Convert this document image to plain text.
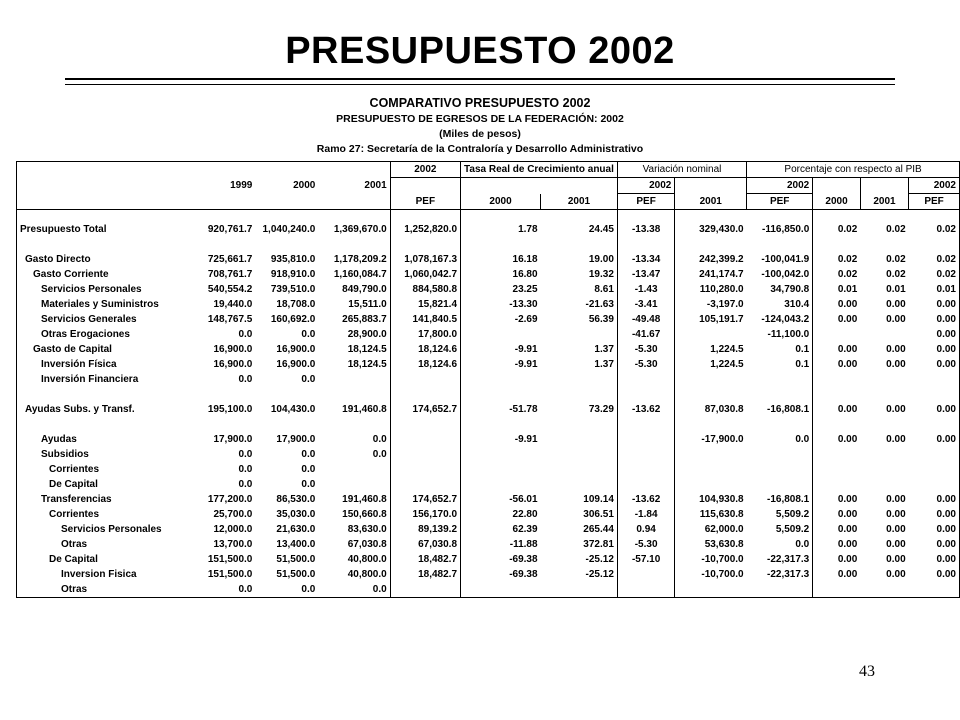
PRESUPUESTO 2002
COMPARATIVO PRESUPUESTO 2002
PRESUPUESTO DE EGRESOS DE LA FEDERACIÓN: 2002
(Miles de pesos)
Ramo 27: Secretaría de la Contraloría y Desarrollo Administrativo
				2002	Tasa Real de Crecimiento anual		Variación nominal		Porcentaje con respecto al PIB			
	1999	2000	2001				2002		2002			2002
				PEF	2000	2001	PEF	2001	PEF	2000	2001	PEF

Presupuesto Total	920,761.7	1,040,240.0	1,369,670.0	1,252,820.0	1.78	24.45	-13.38	329,430.0	-116,850.0	0.02	0.02	0.02

Gasto Directo	725,661.7	935,810.0	1,178,209.2	1,078,167.3	16.18	19.00	-13.34	242,399.2	-100,041.9	0.02	0.02	0.02
Gasto Corriente	708,761.7	918,910.0	1,160,084.7	1,060,042.7	16.80	19.32	-13.47	241,174.7	-100,042.0	0.02	0.02	0.02
Servicios Personales	540,554.2	739,510.0	849,790.0	884,580.8	23.25	8.61	-1.43	110,280.0	34,790.8	0.01	0.01	0.01
Materiales y Suministros	19,440.0	18,708.0	15,511.0	15,821.4	-13.30	-21.63	-3.41	-3,197.0	310.4	0.00	0.00	0.00
Servicios Generales	148,767.5	160,692.0	265,883.7	141,840.5	-2.69	56.39	-49.48	105,191.7	-124,043.2	0.00	0.00	0.00
Otras Erogaciones	0.0	0.0	28,900.0	17,800.0			-41.67		-11,100.0			0.00
Gasto de Capital	16,900.0	16,900.0	18,124.5	18,124.6	-9.91	1.37	-5.30	1,224.5	0.1	0.00	0.00	0.00
Inversión Física	16,900.0	16,900.0	18,124.5	18,124.6	-9.91	1.37	-5.30	1,224.5	0.1	0.00	0.00	0.00
Inversión Financiera	0.0	0.0										

Ayudas Subs. y Transf.	195,100.0	104,430.0	191,460.8	174,652.7	-51.78	73.29	-13.62	87,030.8	-16,808.1	0.00	0.00	0.00

Ayudas	17,900.0	17,900.0	0.0		-9.91			-17,900.0	0.0	0.00	0.00	0.00
Subsidios	0.0	0.0	0.0									
Corrientes	0.0	0.0										
De Capital	0.0	0.0										
Transferencias	177,200.0	86,530.0	191,460.8	174,652.7	-56.01	109.14	-13.62	104,930.8	-16,808.1	0.00	0.00	0.00
Corrientes	25,700.0	35,030.0	150,660.8	156,170.0	22.80	306.51	-1.84	115,630.8	5,509.2	0.00	0.00	0.00
Servicios Personales	12,000.0	21,630.0	83,630.0	89,139.2	62.39	265.44	0.94	62,000.0	5,509.2	0.00	0.00	0.00
Otras	13,700.0	13,400.0	67,030.8	67,030.8	-11.88	372.81	-5.30	53,630.8	0.0	0.00	0.00	0.00
De Capital	151,500.0	51,500.0	40,800.0	18,482.7	-69.38	-25.12	-57.10	-10,700.0	-22,317.3	0.00	0.00	0.00
Inversion Fisica	151,500.0	51,500.0	40,800.0	18,482.7	-69.38	-25.12		-10,700.0	-22,317.3	0.00	0.00	0.00
Otras	0.0	0.0	0.0									
43
